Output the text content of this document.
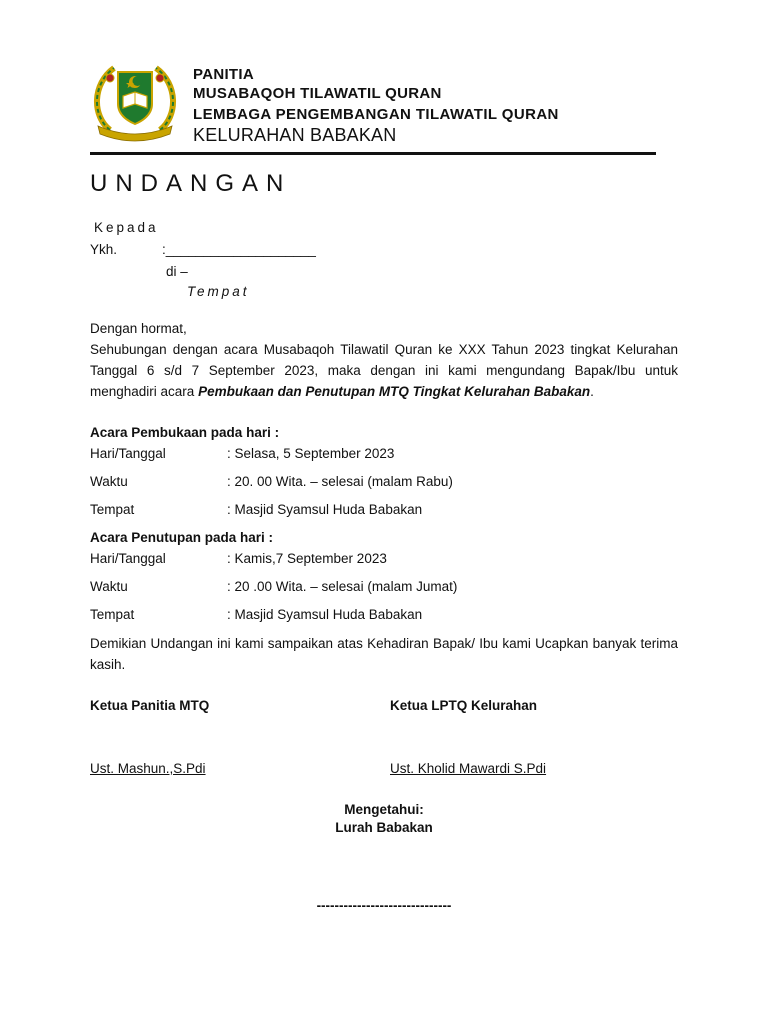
PANITIA
MUSABAQOH TILAWATIL QURAN
LEMBAGA PENGEMBANGAN TILAWATIL QURAN
KELURAHAN BABAKAN
UNDANGAN
Kepada
Ykh.	:____________________
di –
Tempat
Dengan hormat,
Sehubungan dengan acara Musabaqoh Tilawatil Quran ke XXX Tahun 2023 tingkat Kelurahan Tanggal 6 s/d 7 September 2023, maka dengan ini kami mengundang Bapak/Ibu untuk menghadiri acara Pembukaan dan Penutupan MTQ Tingkat Kelurahan Babakan.
Acara Pembukaan pada hari :
Hari/Tanggal	: Selasa, 5 September 2023
Waktu	: 20. 00 Wita. – selesai (malam Rabu)
Tempat	: Masjid Syamsul Huda Babakan
Acara Penutupan pada hari :
Hari/Tanggal	: Kamis,7 September 2023
Waktu	: 20 .00 Wita. – selesai (malam Jumat)
Tempat	: Masjid Syamsul Huda Babakan
Demikian Undangan ini kami sampaikan atas Kehadiran Bapak/ Ibu kami Ucapkan banyak terima kasih.
Ketua Panitia MTQ	Ketua LPTQ Kelurahan
Ust. Mashun.,S.Pdi	Ust. Kholid Mawardi S.Pdi
Mengetahui:
Lurah Babakan
------------------------------
